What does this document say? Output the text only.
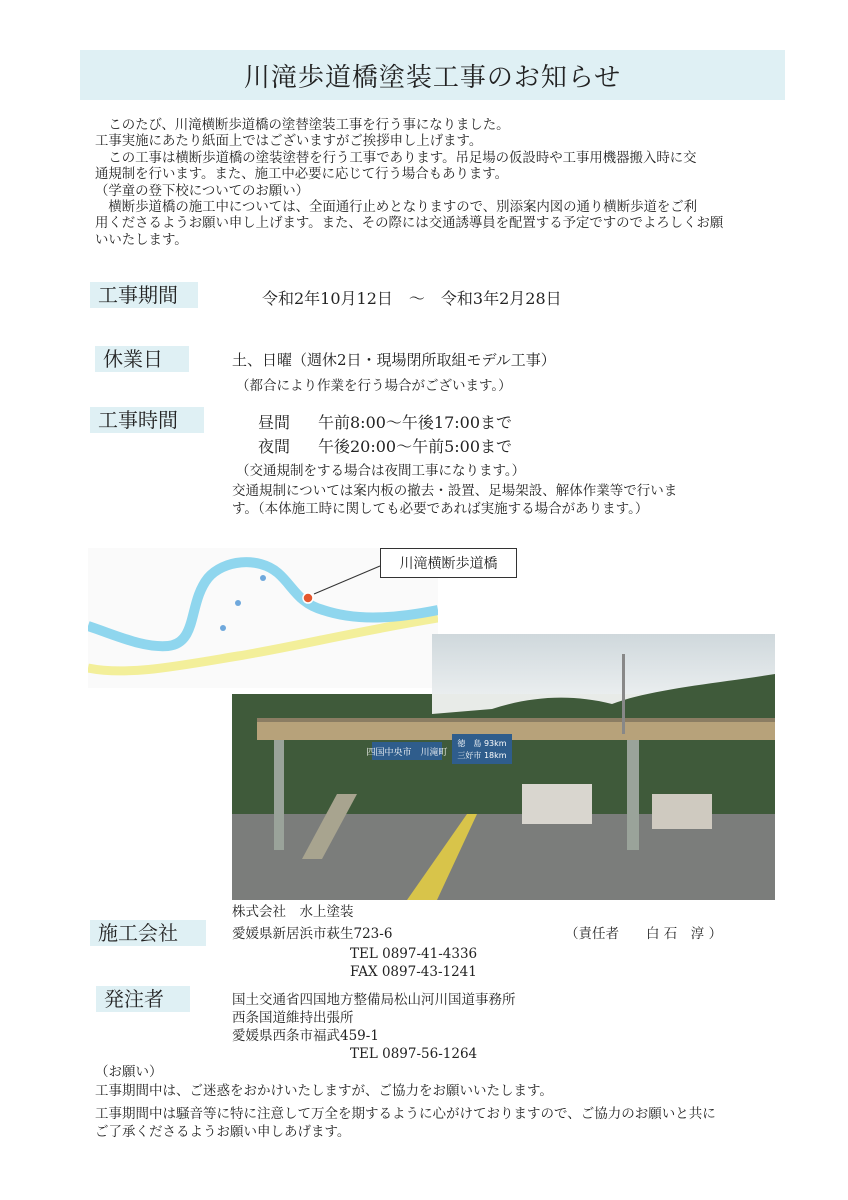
川滝歩道橋塗装工事のお知らせ

　このたび、川滝横断歩道橋の塗替塗装工事を行う事になりました。

工事実施にあたり紙面上ではございますがご挨拶申し上げます。

　この工事は横断歩道橋の塗装塗替を行う工事であります。吊足場の仮設時や工事用機器搬入時に交

通規制を行います。また、施工中必要に応じて行う場合もあります。

（学童の登下校についてのお願い）

　横断歩道橋の施工中については、全面通行止めとなりますので、別添案内図の通り横断歩道をご利

用くださるようお願い申し上げます。また、その際には交通誘導員を配置する予定ですのでよろしくお願

いいたします。

工事期間	令和2年10月12日　～　令和3年2月28日
休業日	土、日曜（週休2日・現場閉所取組モデル工事）
（都合により作業を行う場合がございます。）
工事時間	昼間 午前8:00～午後17:00まで
夜間 午後20:00～午前5:00まで
（交通規制をする場合は夜間工事になります。）
交通規制については案内板の撤去・設置、足場架設、解体作業等で行いま
す。（本体施工時に関しても必要であれば実施する場合があります。）
川滝横断歩道橋
四国中央市　川滝町
徳　島 93km
三好市 18km
株式会社　水上塗装
施工会社	愛媛県新居浜市萩生723-6	（責任者　　白 石　淳 ）
TEL 0897-41-4336
FAX 0897-43-1241
発注者	国土交通省四国地方整備局松山河川国道事務所
西条国道維持出張所
愛媛県西条市福武459-1
TEL 0897-56-1264
（お願い）
工事期間中は、ご迷惑をおかけいたしますが、ご協力をお願いいたします。
工事期間中は騒音等に特に注意して万全を期するように心がけておりますので、ご協力のお願いと共に
ご了承くださるようお願い申しあげます。
